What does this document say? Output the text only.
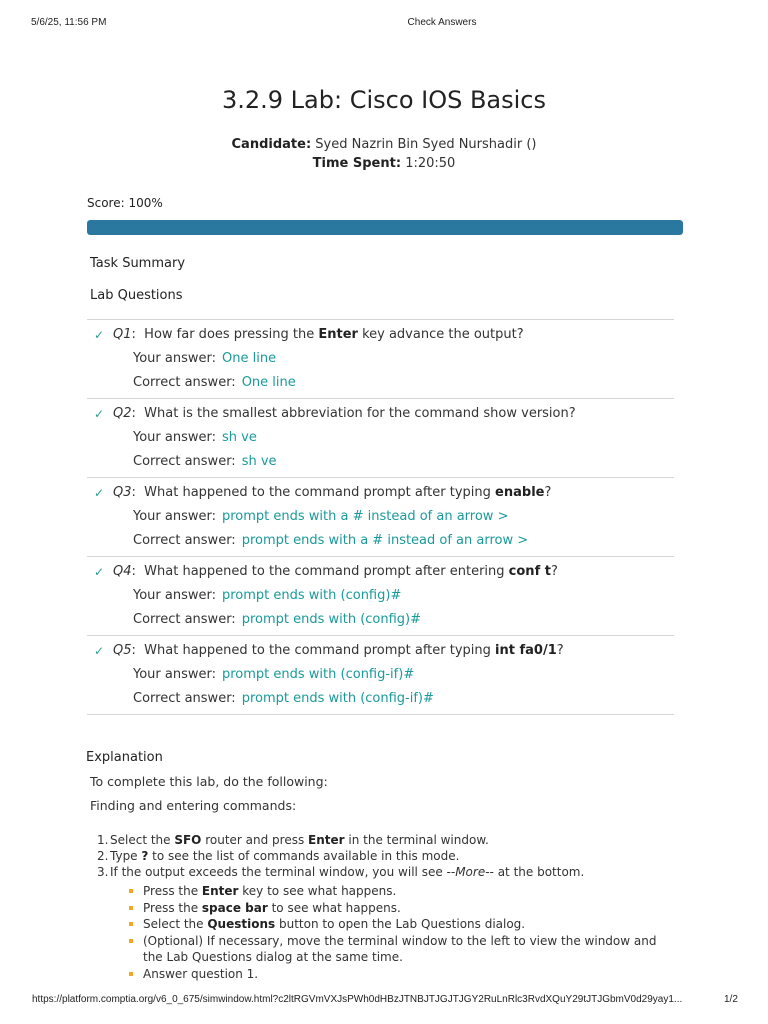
5/6/25, 11:56 PM	Check Answers
3.2.9 Lab: Cisco IOS Basics
Candidate: Syed Nazrin Bin Syed Nurshadir ()
Time Spent: 1:20:50
Score: 100%
Task Summary
Lab Questions
✓ Q1: How far does pressing the Enter key advance the output?
Your answer: One line
Correct answer: One line
✓ Q2: What is the smallest abbreviation for the command show version?
Your answer: sh ve
Correct answer: sh ve
✓ Q3: What happened to the command prompt after typing enable?
Your answer: prompt ends with a # instead of an arrow >
Correct answer: prompt ends with a # instead of an arrow >
✓ Q4: What happened to the command prompt after entering conf t?
Your answer: prompt ends with (config)#
Correct answer: prompt ends with (config)#
✓ Q5: What happened to the command prompt after typing int fa0/1?
Your answer: prompt ends with (config-if)#
Correct answer: prompt ends with (config-if)#
Explanation
To complete this lab, do the following:
Finding and entering commands:
1. Select the SFO router and press Enter in the terminal window.
2. Type ? to see the list of commands available in this mode.
3. If the output exceeds the terminal window, you will see --More-- at the bottom.
Press the Enter key to see what happens.
Press the space bar to see what happens.
Select the Questions button to open the Lab Questions dialog.
(Optional) If necessary, move the terminal window to the left to view the window and the Lab Questions dialog at the same time.
Answer question 1.
https://platform.comptia.org/v6_0_675/simwindow.html?c2ltRGVmVXJsPWh0dHBzJTNBJTJGJTJGY2RuLnRlc3RvdXQuY29tJTJGbmV0d29yay1...	1/2
